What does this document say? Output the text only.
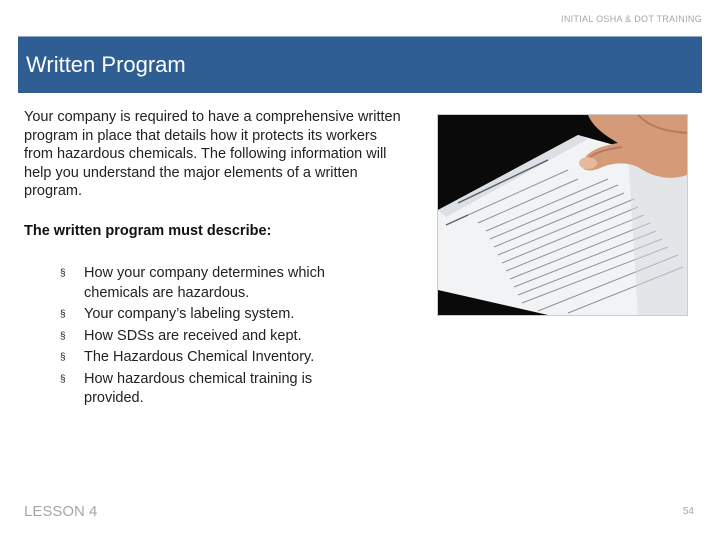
INITIAL OSHA & DOT TRAINING
Written Program

Your company is required to have a comprehensive written program in place that details how it protects its workers from hazardous chemicals. The following information will help you understand the major elements of a written program.

The written program must describe:

§ How your company determines which chemicals are hazardous.
§ Your company’s labeling system.
§ How SDSs are received and kept.
§ The Hazardous Chemical Inventory.
§ How hazardous chemical training is provided.
LESSON 4	54
